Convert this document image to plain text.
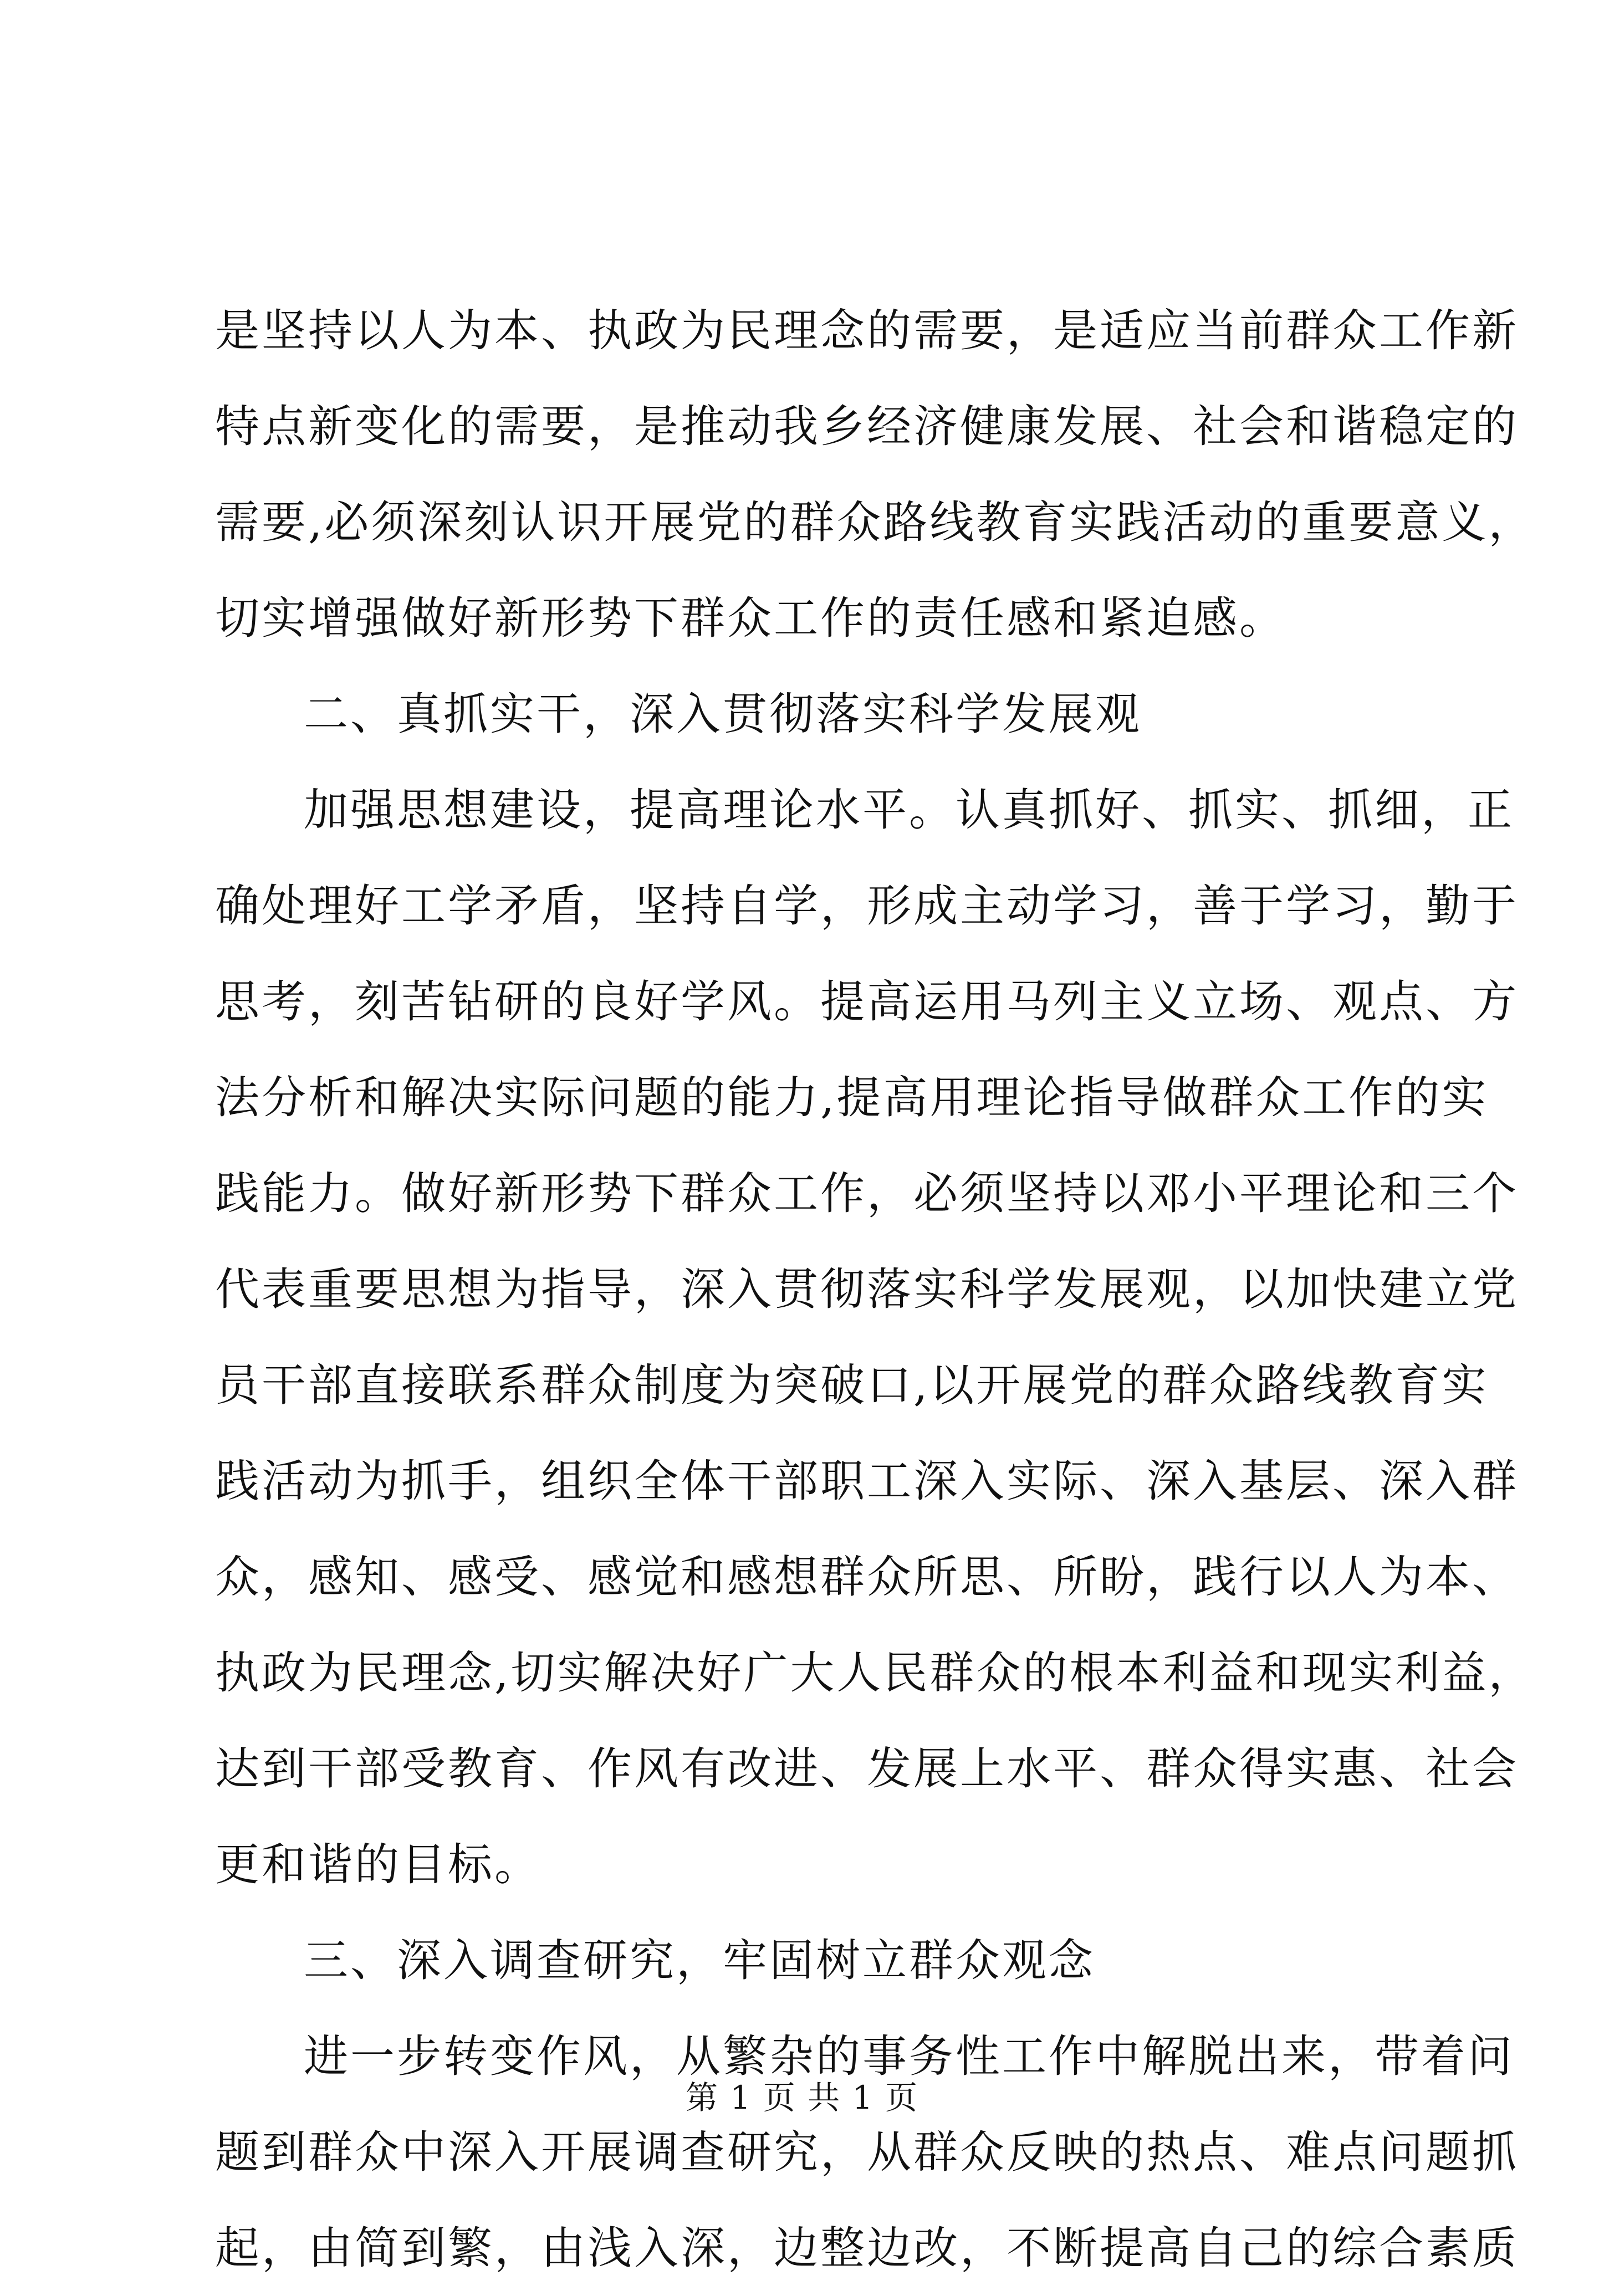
是坚持以人为本、执政为民理念的需要，是适应当前群众工作新
特点新变化的需要，是推动我乡经济健康发展、社会和谐稳定的
需要,必须深刻认识开展党的群众路线教育实践活动的重要意义，
切实增强做好新形势下群众工作的责任感和紧迫感。
二、真抓实干，深入贯彻落实科学发展观
加强思想建设，提高理论水平。认真抓好、抓实、抓细，正
确处理好工学矛盾，坚持自学，形成主动学习，善于学习，勤于
思考，刻苦钻研的良好学风。提高运用马列主义立场、观点、方
法分析和解决实际问题的能力,提高用理论指导做群众工作的实
践能力。做好新形势下群众工作，必须坚持以邓小平理论和三个
代表重要思想为指导，深入贯彻落实科学发展观，以加快建立党
员干部直接联系群众制度为突破口,以开展党的群众路线教育实
践活动为抓手，组织全体干部职工深入实际、深入基层、深入群
众，感知、感受、感觉和感想群众所思、所盼，践行以人为本、
执政为民理念,切实解决好广大人民群众的根本利益和现实利益，
达到干部受教育、作风有改进、发展上水平、群众得实惠、社会
更和谐的目标。
三、深入调查研究，牢固树立群众观念
进一步转变作风，从繁杂的事务性工作中解脱出来，带着问
题到群众中深入开展调查研究，从群众反映的热点、难点问题抓
起，由简到繁，由浅入深，边整边改，不断提高自己的综合素质
第 1 页 共 1 页
